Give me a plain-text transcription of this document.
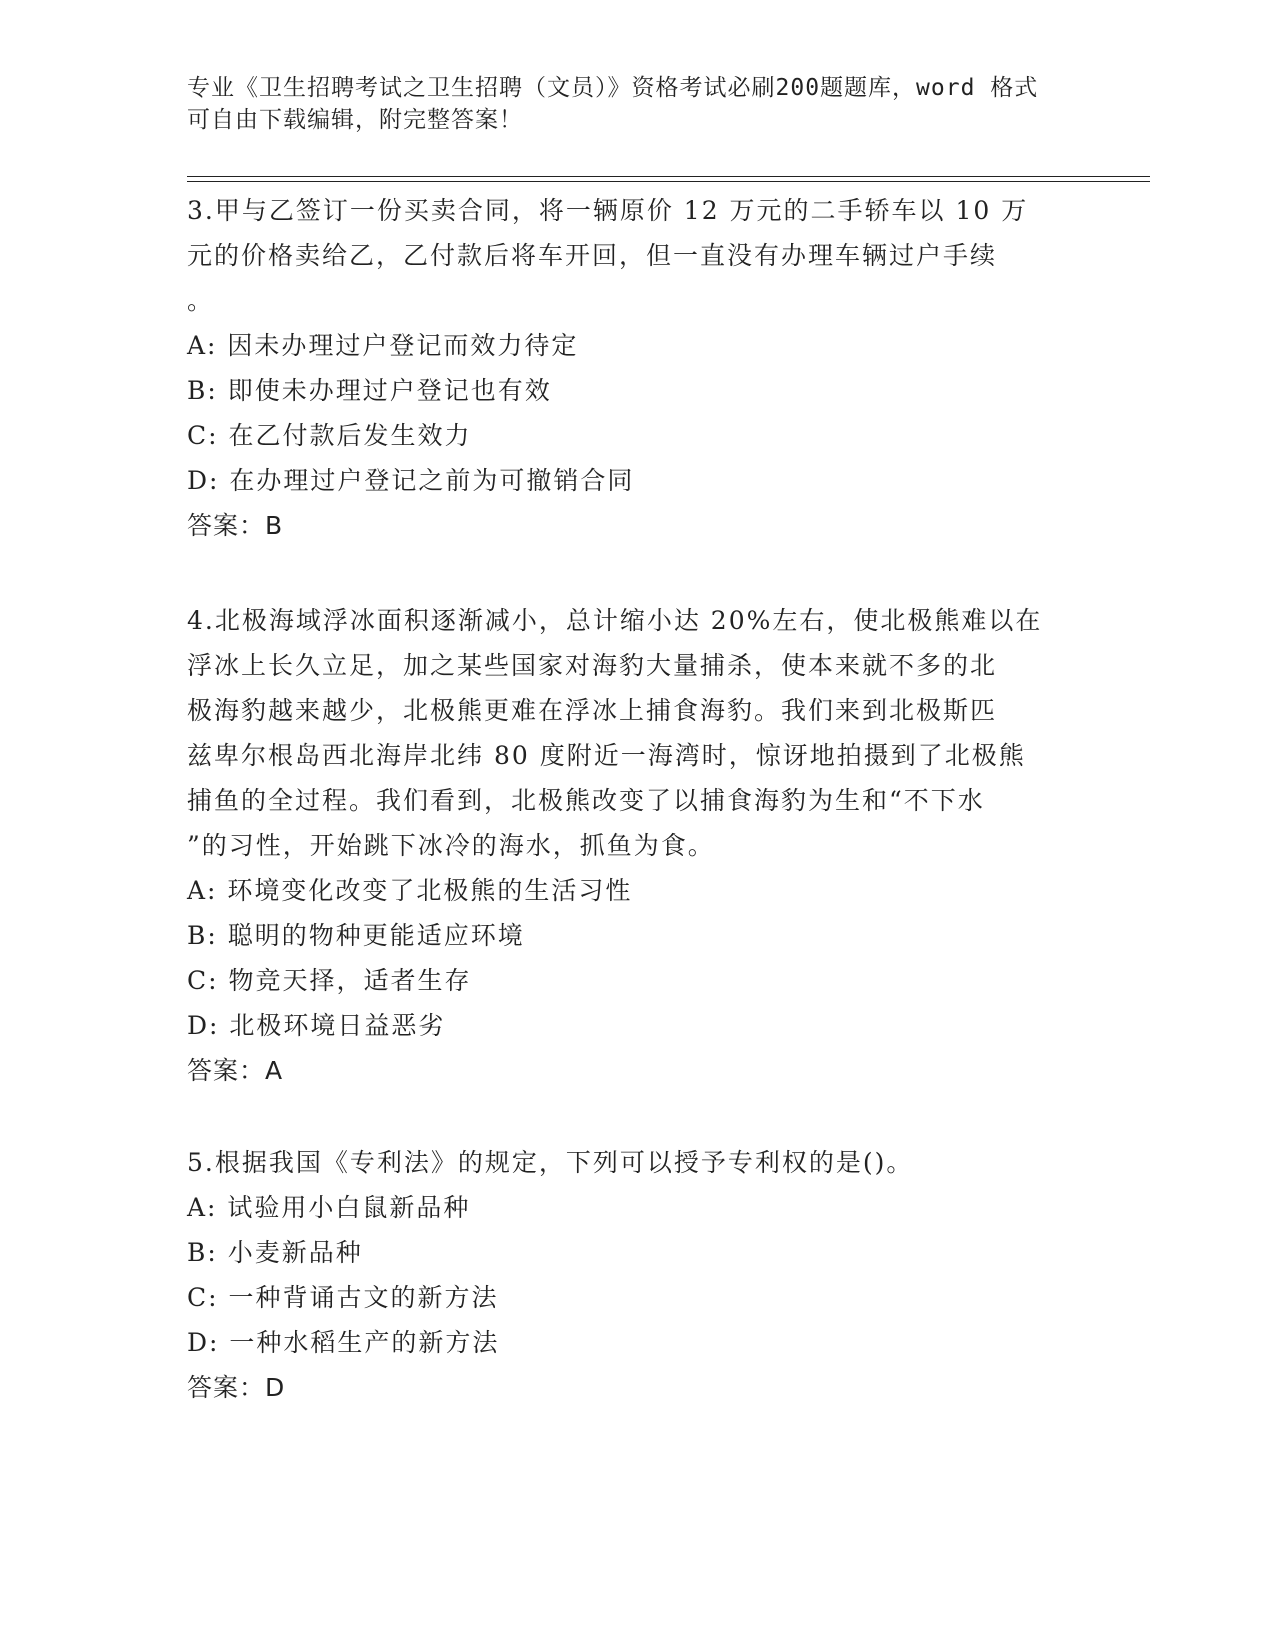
专业《卫生招聘考试之卫生招聘（文员）》资格考试必刷200题题库，word 格式
可自由下载编辑，附完整答案！
3.甲与乙签订一份买卖合同，将一辆原价 12 万元的二手轿车以 10 万
元的价格卖给乙，乙付款后将车开回，但一直没有办理车辆过户手续
。
A: 因未办理过户登记而效力待定
B: 即使未办理过户登记也有效
C: 在乙付款后发生效力
D: 在办理过户登记之前为可撤销合同
答案：B
4.北极海域浮冰面积逐渐减小，总计缩小达 20%左右，使北极熊难以在
浮冰上长久立足，加之某些国家对海豹大量捕杀，使本来就不多的北
极海豹越来越少，北极熊更难在浮冰上捕食海豹。我们来到北极斯匹
兹卑尔根岛西北海岸北纬 80 度附近一海湾时，惊讶地拍摄到了北极熊
捕鱼的全过程。我们看到，北极熊改变了以捕食海豹为生和“不下水
”的习性，开始跳下冰冷的海水，抓鱼为食。
A: 环境变化改变了北极熊的生活习性
B: 聪明的物种更能适应环境
C: 物竞天择，适者生存
D: 北极环境日益恶劣
答案：A
5.根据我国《专利法》的规定，下列可以授予专利权的是()。
A: 试验用小白鼠新品种
B: 小麦新品种
C: 一种背诵古文的新方法
D: 一种水稻生产的新方法
答案：D
